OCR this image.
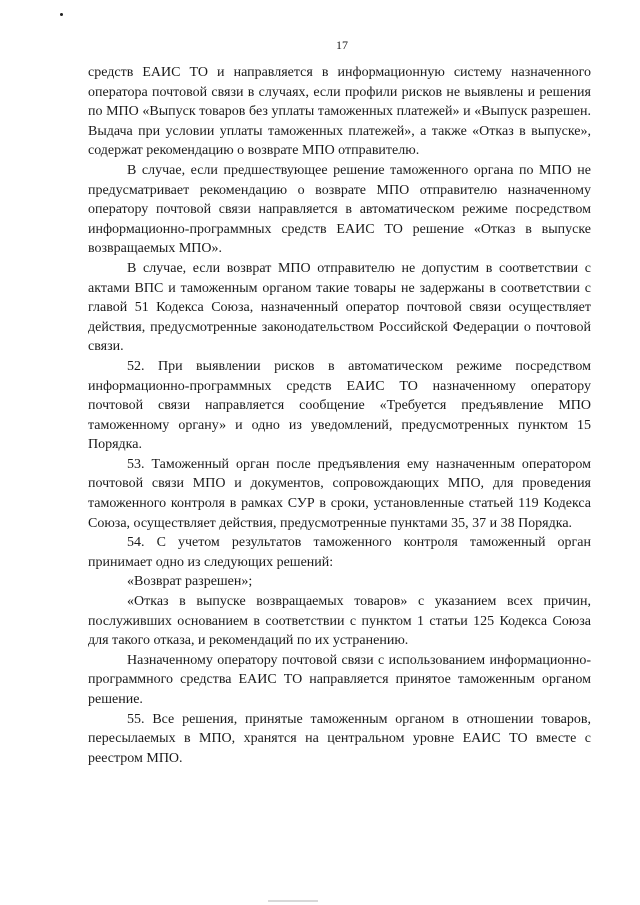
17

средств ЕАИС ТО и направляется в информационную систему назначенного оператора почтовой связи в случаях, если профили рисков не выявлены и решения по МПО «Выпуск товаров без уплаты таможенных платежей» и «Выпуск разрешен. Выдача при условии уплаты таможенных платежей», а также «Отказ в выпуске», содержат рекомендацию о возврате МПО отправителю.

В случае, если предшествующее решение таможенного органа по МПО не предусматривает рекомендацию о возврате МПО отправителю назначенному оператору почтовой связи направляется в автоматическом режиме посредством информационно-программных средств ЕАИС ТО решение «Отказ в выпуске возвращаемых МПО».

В случае, если возврат МПО отправителю не допустим в соответствии с актами ВПС и таможенным органом такие товары не задержаны в соответствии с главой 51 Кодекса Союза, назначенный оператор почтовой связи осуществляет действия, предусмотренные законодательством Российской Федерации о почтовой связи.

52. При выявлении рисков в автоматическом режиме посредством информационно-программных средств ЕАИС ТО назначенному оператору почтовой связи направляется сообщение «Требуется предъявление МПО таможенному органу» и одно из уведомлений, предусмотренных пунктом 15 Порядка.

53. Таможенный орган после предъявления ему назначенным оператором почтовой связи МПО и документов, сопровождающих МПО, для проведения таможенного контроля в рамках СУР в сроки, установленные статьей 119 Кодекса Союза, осуществляет действия, предусмотренные пунктами 35, 37 и 38 Порядка.

54. С учетом результатов таможенного контроля таможенный орган принимает одно из следующих решений:

«Возврат разрешен»;

«Отказ в выпуске возвращаемых товаров» с указанием всех причин, послуживших основанием в соответствии с пунктом 1 статьи 125 Кодекса Союза для такого отказа, и рекомендаций по их устранению.

Назначенному оператору почтовой связи с использованием информационно-программного средства ЕАИС ТО направляется принятое таможенным органом решение.

55. Все решения, принятые таможенным органом в отношении товаров, пересылаемых в МПО, хранятся на центральном уровне ЕАИС ТО вместе с реестром МПО.
